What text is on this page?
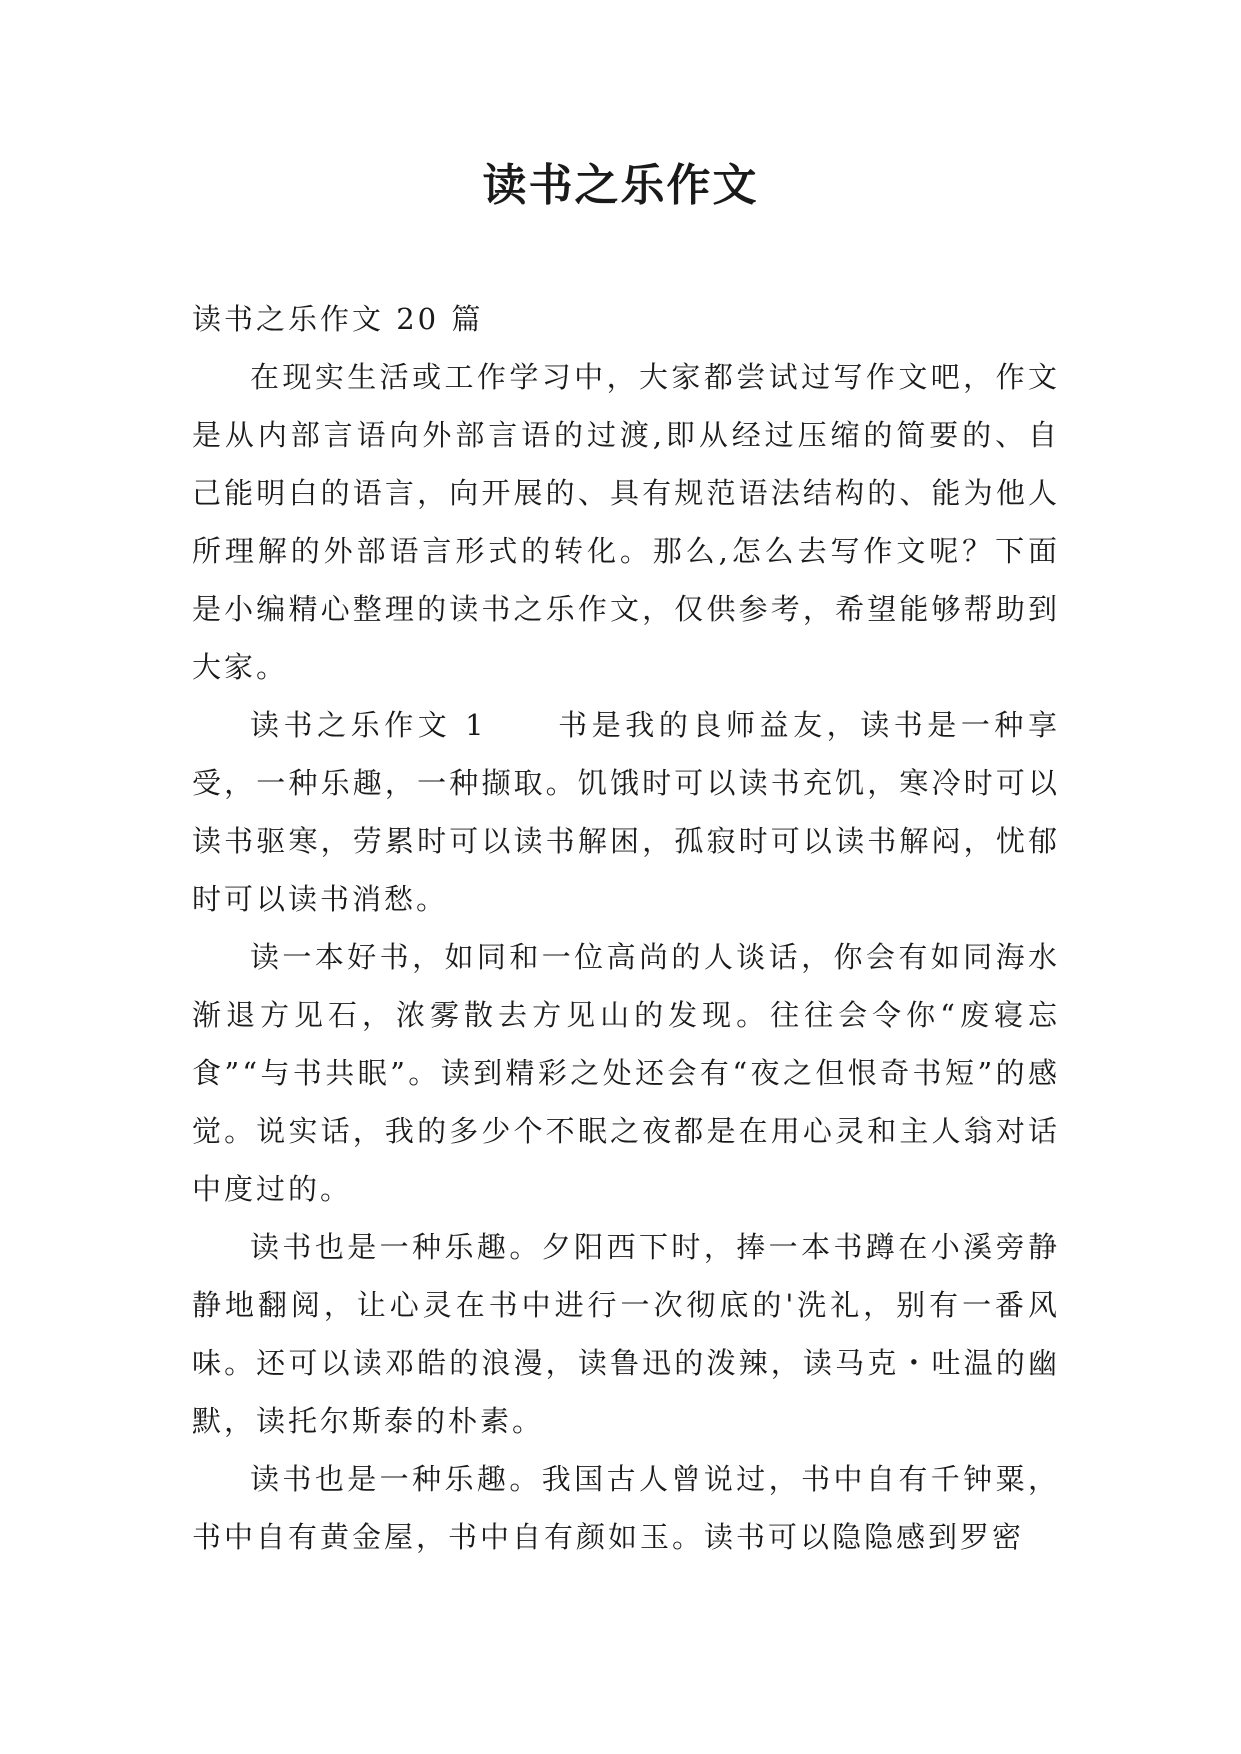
读书之乐作文

读书之乐作文 20 篇

在现实生活或工作学习中，大家都尝试过写作文吧，作文是从内部言语向外部言语的过渡,即从经过压缩的简要的、自己能明白的语言，向开展的、具有规范语法结构的、能为他人所理解的外部语言形式的转化。那么,怎么去写作文呢？下面是小编精心整理的读书之乐作文，仅供参考，希望能够帮助到大家。

读书之乐作文 1 书是我的良师益友，读书是一种享受，一种乐趣，一种撷取。饥饿时可以读书充饥，寒冷时可以读书驱寒，劳累时可以读书解困，孤寂时可以读书解闷，忧郁时可以读书消愁。

读一本好书，如同和一位高尚的人谈话，你会有如同海水渐退方见石，浓雾散去方见山的发现。往往会令你“废寝忘食”“与书共眠”。读到精彩之处还会有“夜之但恨奇书短”的感觉。说实话，我的多少个不眠之夜都是在用心灵和主人翁对话中度过的。

读书也是一种乐趣。夕阳西下时，捧一本书蹲在小溪旁静静地翻阅，让心灵在书中进行一次彻底的'洗礼，别有一番风味。还可以读邓皓的浪漫，读鲁迅的泼辣，读马克・吐温的幽默，读托尔斯泰的朴素。

读书也是一种乐趣。我国古人曾说过，书中自有千钟粟，书中自有黄金屋，书中自有颜如玉。读书可以隐隐感到罗密
